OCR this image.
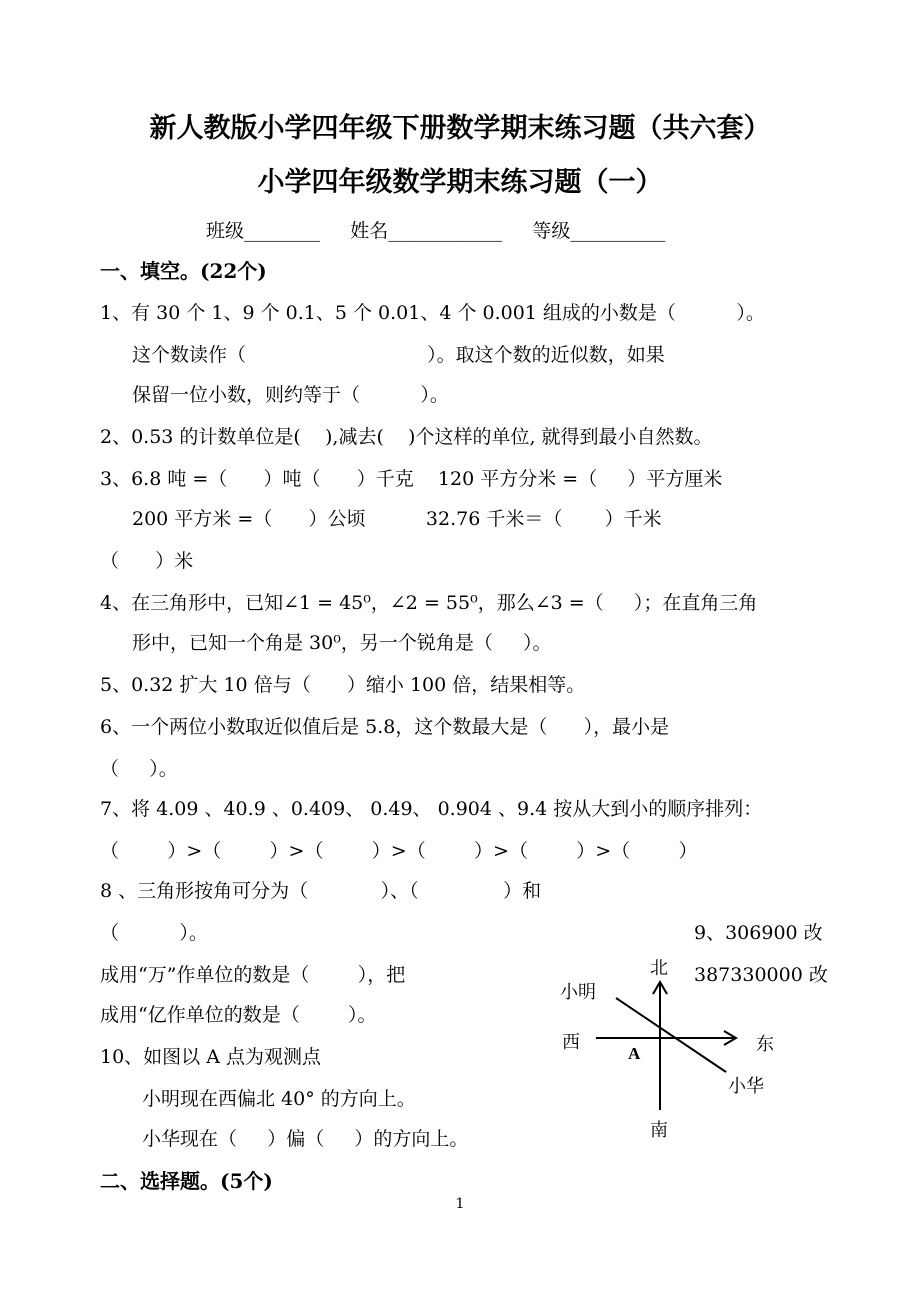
新人教版小学四年级下册数学期末练习题（共六套）
小学四年级数学期末练习题（一）
班级________     姓名____________     等级__________
一、填空。(22个)
1、有 30 个 1、9 个 0.1、5 个 0.01、4 个 0.001 组成的小数是（          ）。
这个数读作（                              ）。取这个数的近似数，如果
保留一位小数，则约等于（          ）。
2、0.53 的计数单位是(    ),减去(    )个这样的单位, 就得到最小自然数。
3、6.8 吨 =（      ）吨（      ）千克    120 平方分米 =（     ）平方厘米
200 平方米 =（      ）公顷          32.76 千米＝（       ）千米
（      ）米
4、在三角形中，已知∠1 = 45⁰，∠2 = 55⁰，那么∠3 =（     ）；在直角三角
形中，已知一个角是 30⁰，另一个锐角是（     ）。
5、0.32 扩大 10 倍与（      ）缩小 100 倍，结果相等。
6、一个两位小数取近似值后是 5.8，这个数最大是（      ），最小是
（     ）。
7、将 4.09 、40.9 、0.409、 0.49、 0.904 、9.4 按从大到小的顺序排列：
（        ）>（        ）>（        ）>（        ）>（        ）>（        ）
8 、三角形按角可分为（            ）、（              ）和
（          ）。	9、306900 改
成用“万”作单位的数是（        ），把	387330000 改
成用“亿作单位的数是（        ）。
10、如图以 A 点为观测点
小明现在西偏北 40° 的方向上。
小华现在（     ）偏（     ）的方向上。
二、选择题。(5个)
北
南
东
西
A
小明
小华
1
